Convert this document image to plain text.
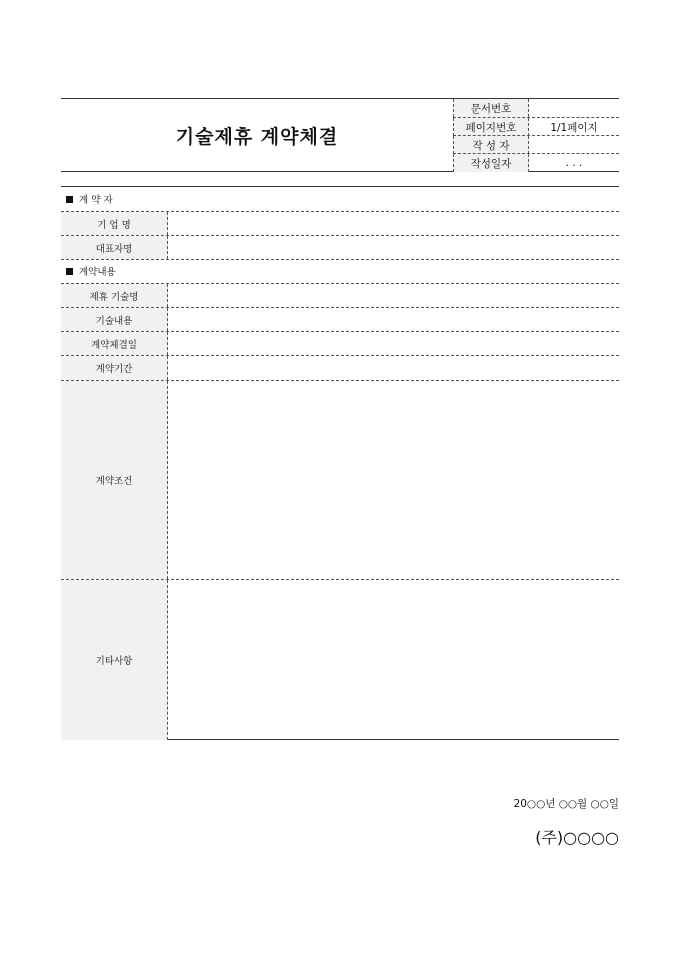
기술제휴 계약체결
문서번호
페이지번호	1/1페이지
작 성 자
작성일자	. . .
계 약 자
기 업 명
대표자명
계약내용
제휴 기술명
기술내용
계약체결일
계약기간
계약조건
기타사항
20○○년 ○○월 ○○일
(주)○○○○
